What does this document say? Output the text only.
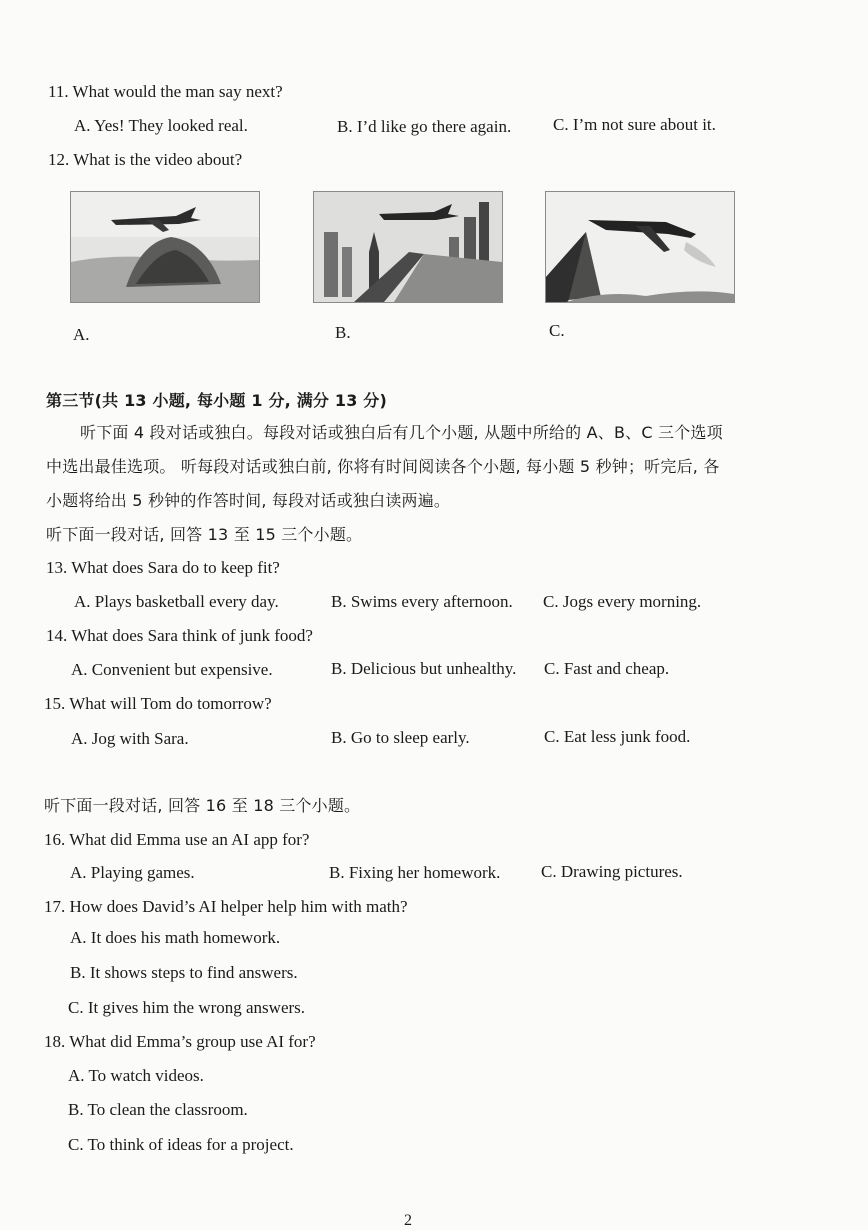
11. What would the man say next?
A. Yes! They looked real.	B. I’d like go there again. C. I’m not sure about it.
12. What is the video about?
A.	B.	C.
第三节(共 13 小题, 每小题 1 分, 满分 13 分)
听下面 4 段对话或独白。每段对话或独白后有几个小题, 从题中所给的 A、B、C 三个选项
中选出最佳选项。 听每段对话或独白前, 你将有时间阅读各个小题, 每小题 5 秒钟；听完后, 各
小题将给出 5 秒钟的作答时间, 每段对话或独白读两遍。
听下面一段对话, 回答 13 至 15 三个小题。
13. What does Sara do to keep fit?
A. Plays basketball every day.	B. Swims every afternoon. C. Jogs every morning.
14. What does Sara think of junk food?
A. Convenient but expensive.	B. Delicious but unhealthy. C. Fast and cheap.
15. What will Tom do tomorrow?
A. Jog with Sara.	B. Go to sleep early.	C. Eat less junk food.
听下面一段对话, 回答 16 至 18 三个小题。
16. What did Emma use an AI app for?
A. Playing games.	B. Fixing her homework. C. Drawing pictures.
17. How does David’s AI helper help him with math?
A. It does his math homework.
B. It shows steps to find answers.
C. It gives him the wrong answers.
18. What did Emma’s group use AI for?
A. To watch videos.
B. To clean the classroom.
C. To think of ideas for a project.
2
